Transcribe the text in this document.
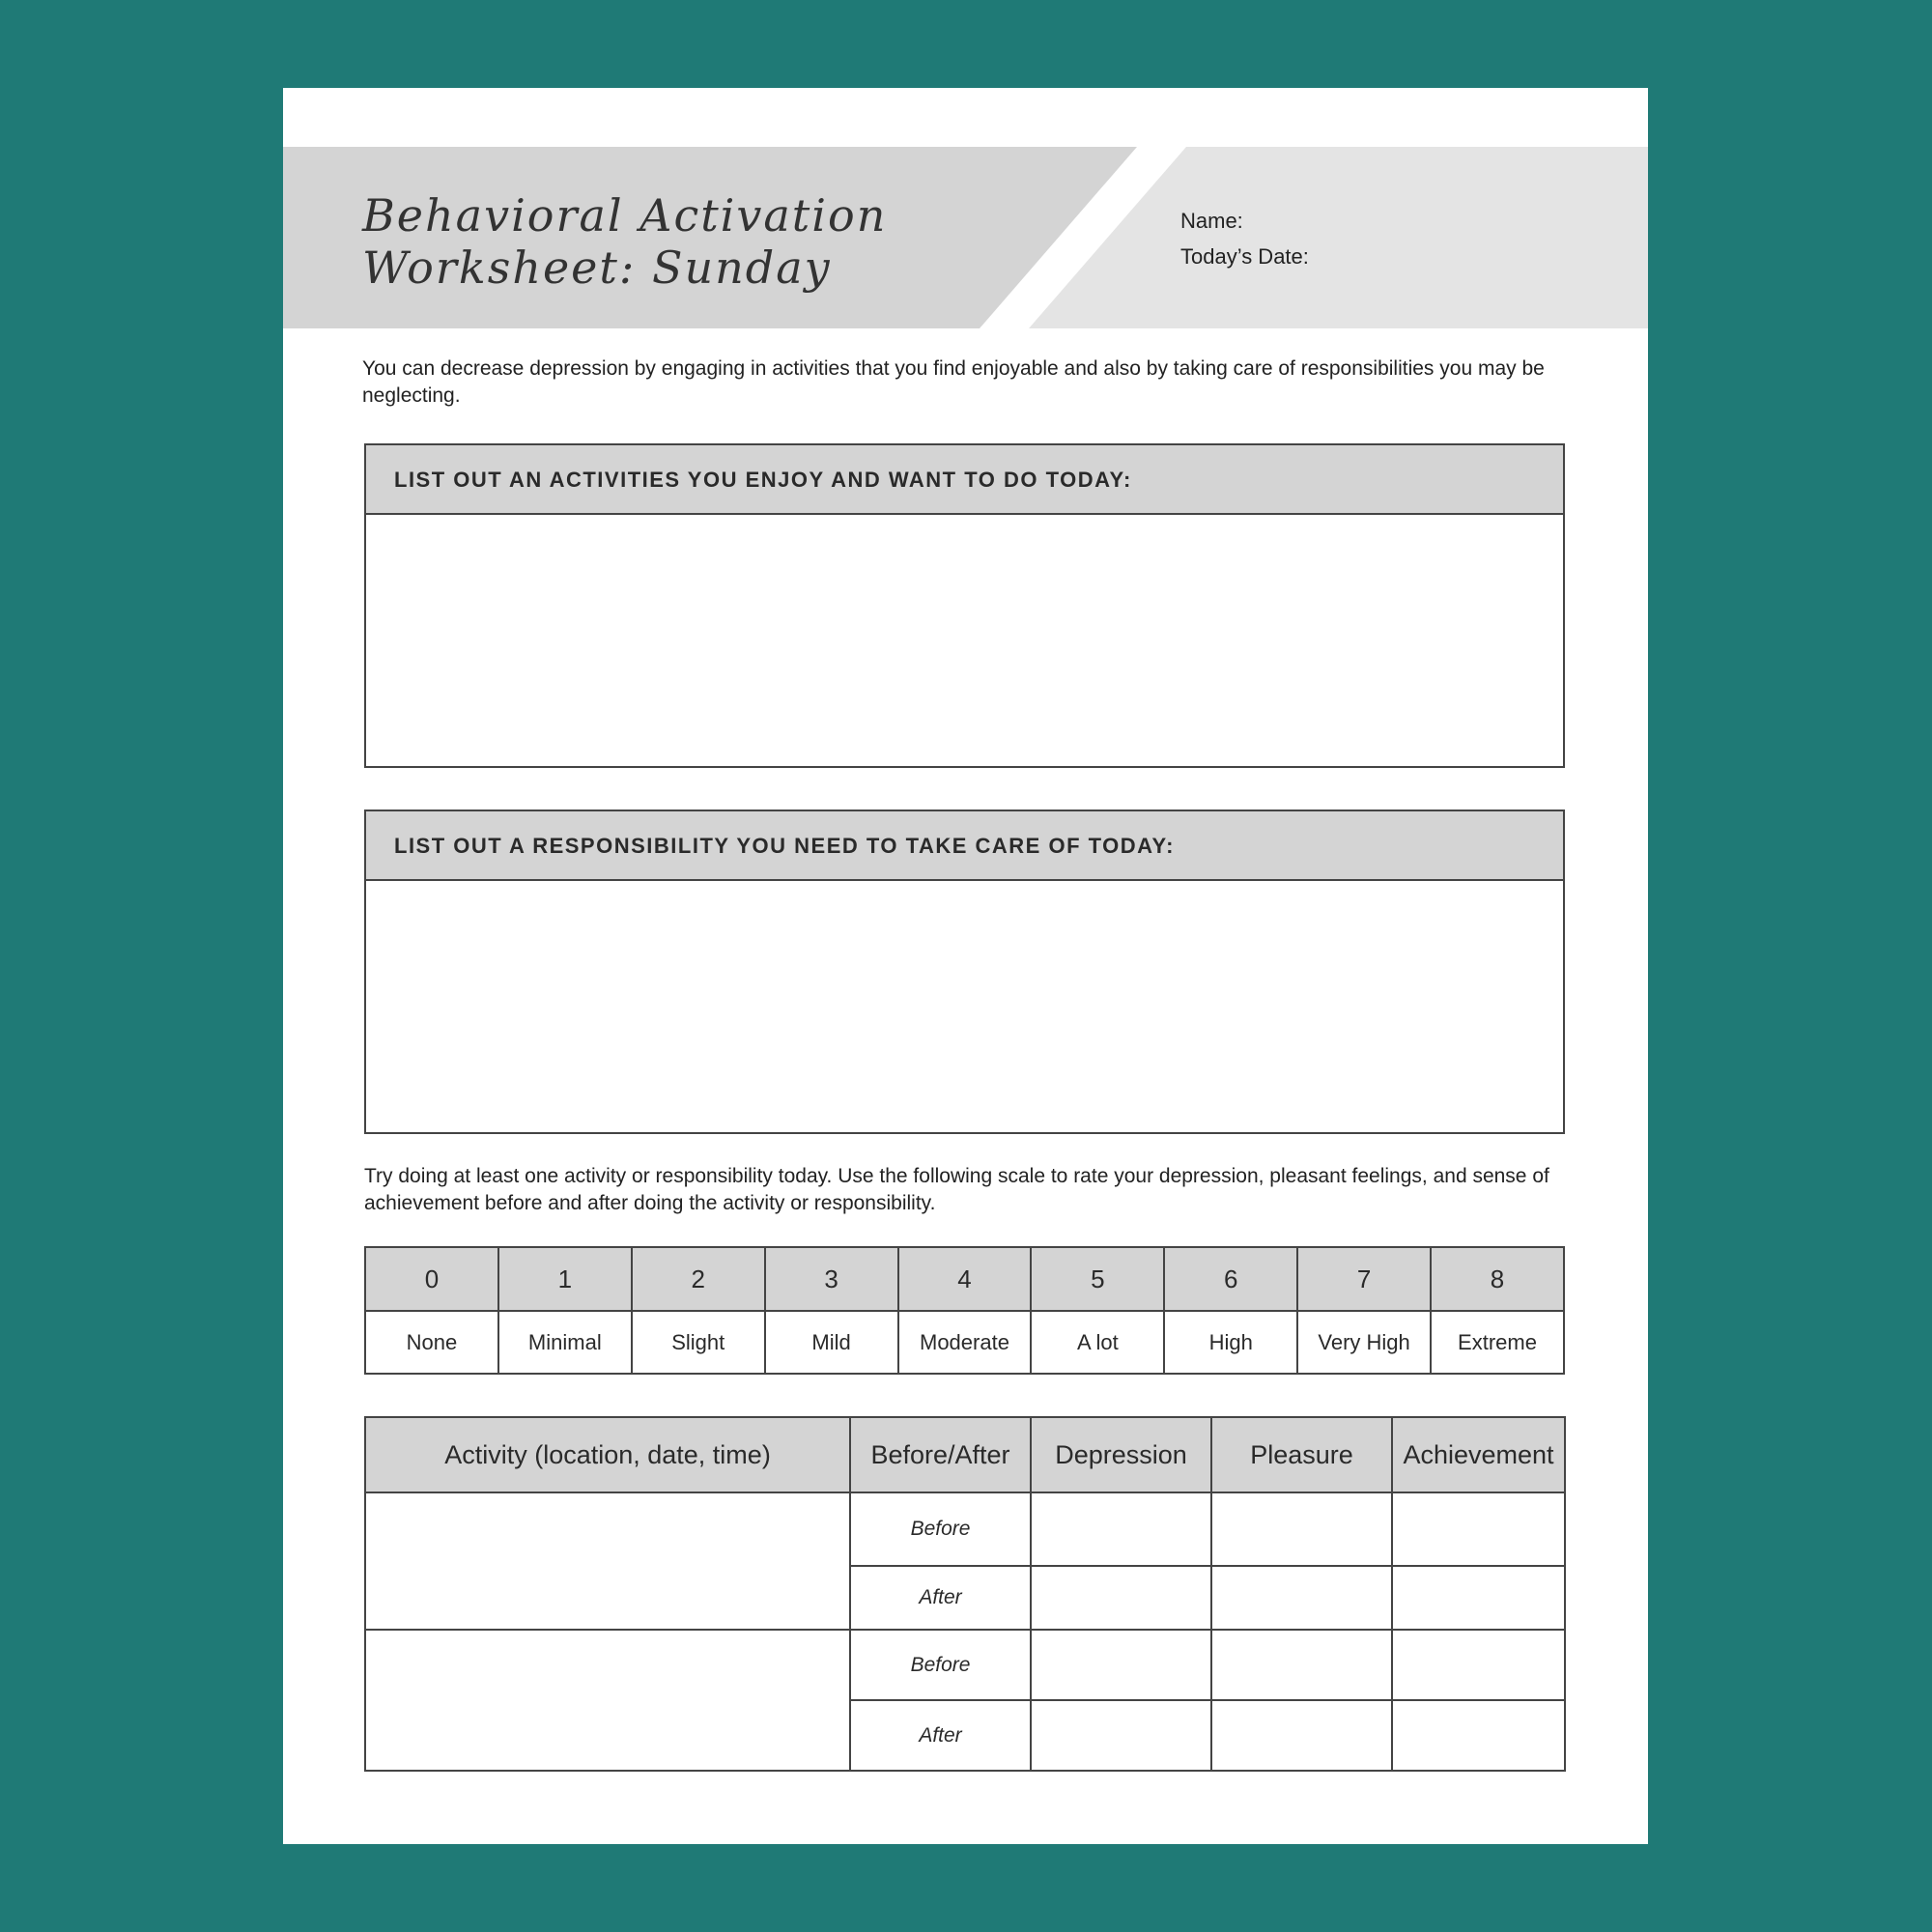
Behavioral Activation
Worksheet: Sunday
Name:
Today’s Date:
You can decrease depression by engaging in activities that you find enjoyable and also by taking care of responsibilities you may be neglecting.
LIST OUT AN ACTIVITIES YOU ENJOY AND WANT TO DO TODAY:
LIST OUT A RESPONSIBILITY YOU NEED TO TAKE CARE OF TODAY:
Try doing at least one activity or responsibility today. Use the following scale to rate your depression, pleasant feelings, and sense of achievement before and after doing the activity or responsibility.
0	1	2	3	4	5	6	7	8
None	Minimal	Slight	Mild	Moderate	A lot	High	Very High	Extreme
Activity (location, date, time)	Before/After	Depression	Pleasure	Achievement
	Before			
	After			
	Before			
	After			
